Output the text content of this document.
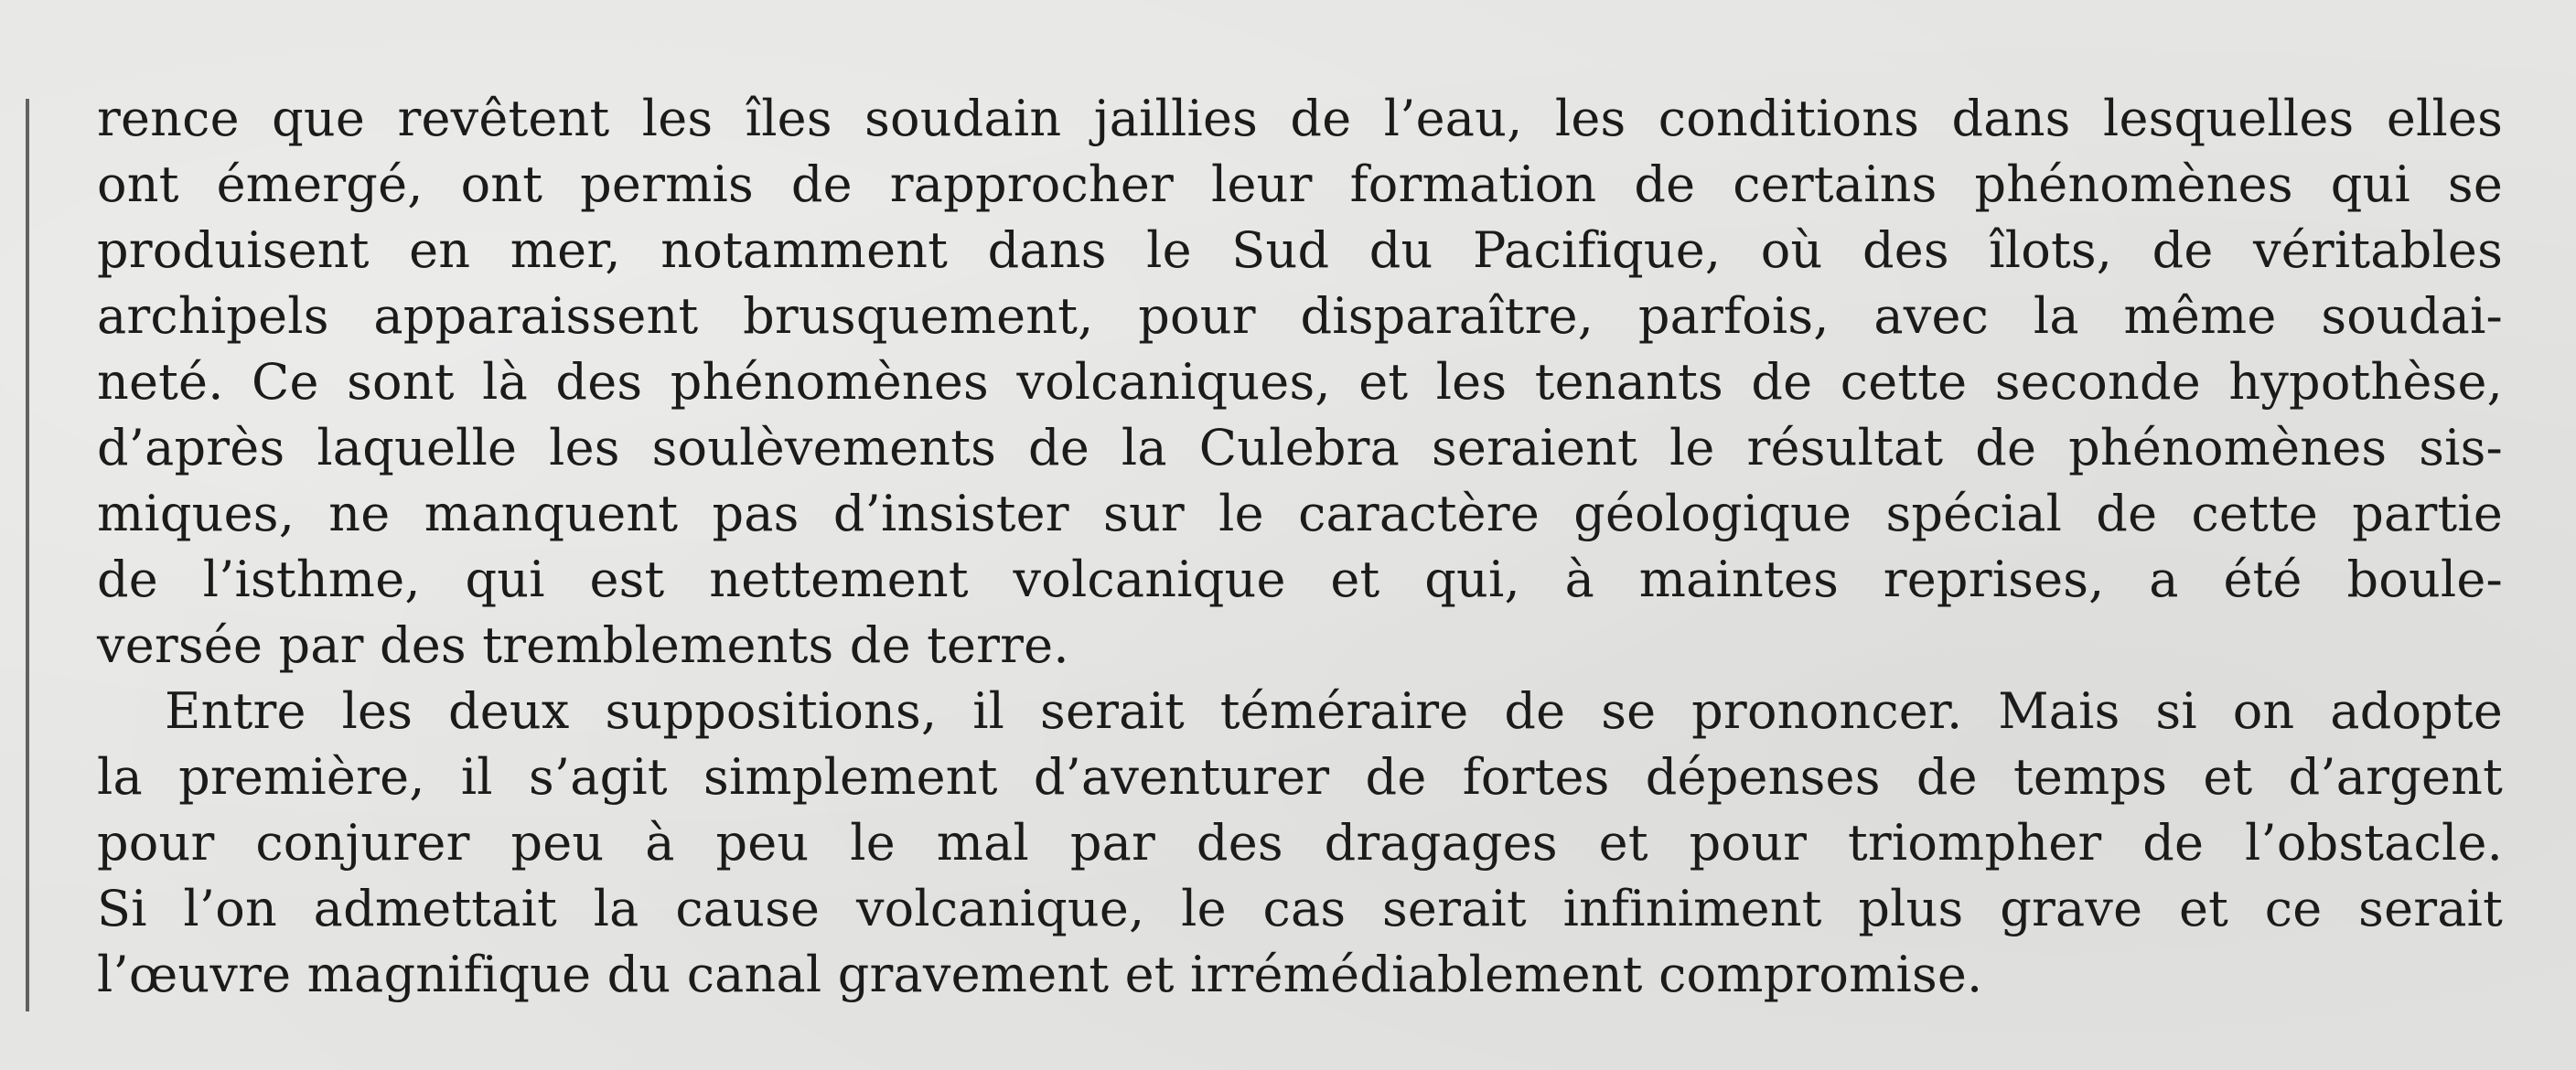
rence que revêtent les îles soudain jaillies de l’eau, les conditions dans lesquelles elles
ont émergé, ont permis de rapprocher leur formation de certains phénomènes qui se
produisent en mer, notamment dans le Sud du Pacifique, où des îlots, de véritables
archipels apparaissent brusquement, pour disparaître, parfois, avec la même soudai-
neté. Ce sont là des phénomènes volcaniques, et les tenants de cette seconde hypothèse,
d’après laquelle les soulèvements de la Culebra seraient le résultat de phénomènes sis-
miques, ne manquent pas d’insister sur le caractère géologique spécial de cette partie
de l’isthme, qui est nettement volcanique et qui, à maintes reprises, a été boule-
versée par des tremblements de terre.
Entre les deux suppositions, il serait téméraire de se prononcer. Mais si on adopte
la première, il s’agit simplement d’aventurer de fortes dépenses de temps et d’argent
pour conjurer peu à peu le mal par des dragages et pour triompher de l’obstacle.
Si l’on admettait la cause volcanique, le cas serait infiniment plus grave et ce serait
l’œuvre magnifique du canal gravement et irrémédiablement compromise.
